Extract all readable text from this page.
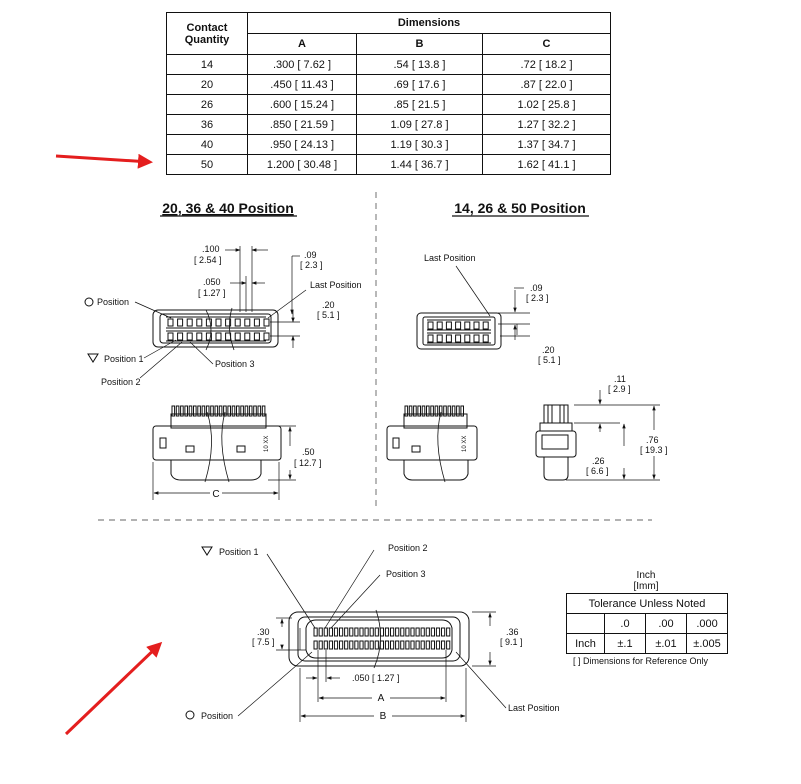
Contact
Quantity	Dimensions		
	A	B	C
14	.300 [ 7.62 ]	.54 [ 13.8 ]	.72 [ 18.2 ]
20	.450 [ 11.43 ]	.69 [ 17.6 ]	.87 [ 22.0 ]
26	.600 [ 15.24 ]	.85 [ 21.5 ]	1.02 [ 25.8 ]
36	.850 [ 21.59 ]	1.09 [ 27.8 ]	1.27 [ 32.2 ]
40	.950 [ 24.13 ]	1.19 [ 30.3 ]	1.37 [ 34.7 ]
50	1.200 [ 30.48 ]	1.44 [ 36.7 ]	1.62 [ 41.1 ]
20, 36 & 40 Position	14, 26 & 50 Position
.100
[ 2.54 ]
.050
[ 1.27 ]
.09
[ 2.3 ]
Last Position
.20
[ 5.1 ]
Position
Position 1
Position 2
Position 3
10 XX
C
.50
[ 12.7 ]
Last Position
.09
[ 2.3 ]
.20
[ 5.1 ]
10 XX
.11
[ 2.9 ]
.76
[ 19.3 ]
.26
[ 6.6 ]
Position 1	Position 2
Position 3
.30
[ 7.5 ]
.36
[ 9.1 ]
.050 [ 1.27 ]
A
B
Position
Last Position
Inch
[Imm]
[ ] Dimensions for Reference Only
Tolerance Unless Noted			
	.0	.00	.000
Inch	±.1	±.01	±.005
